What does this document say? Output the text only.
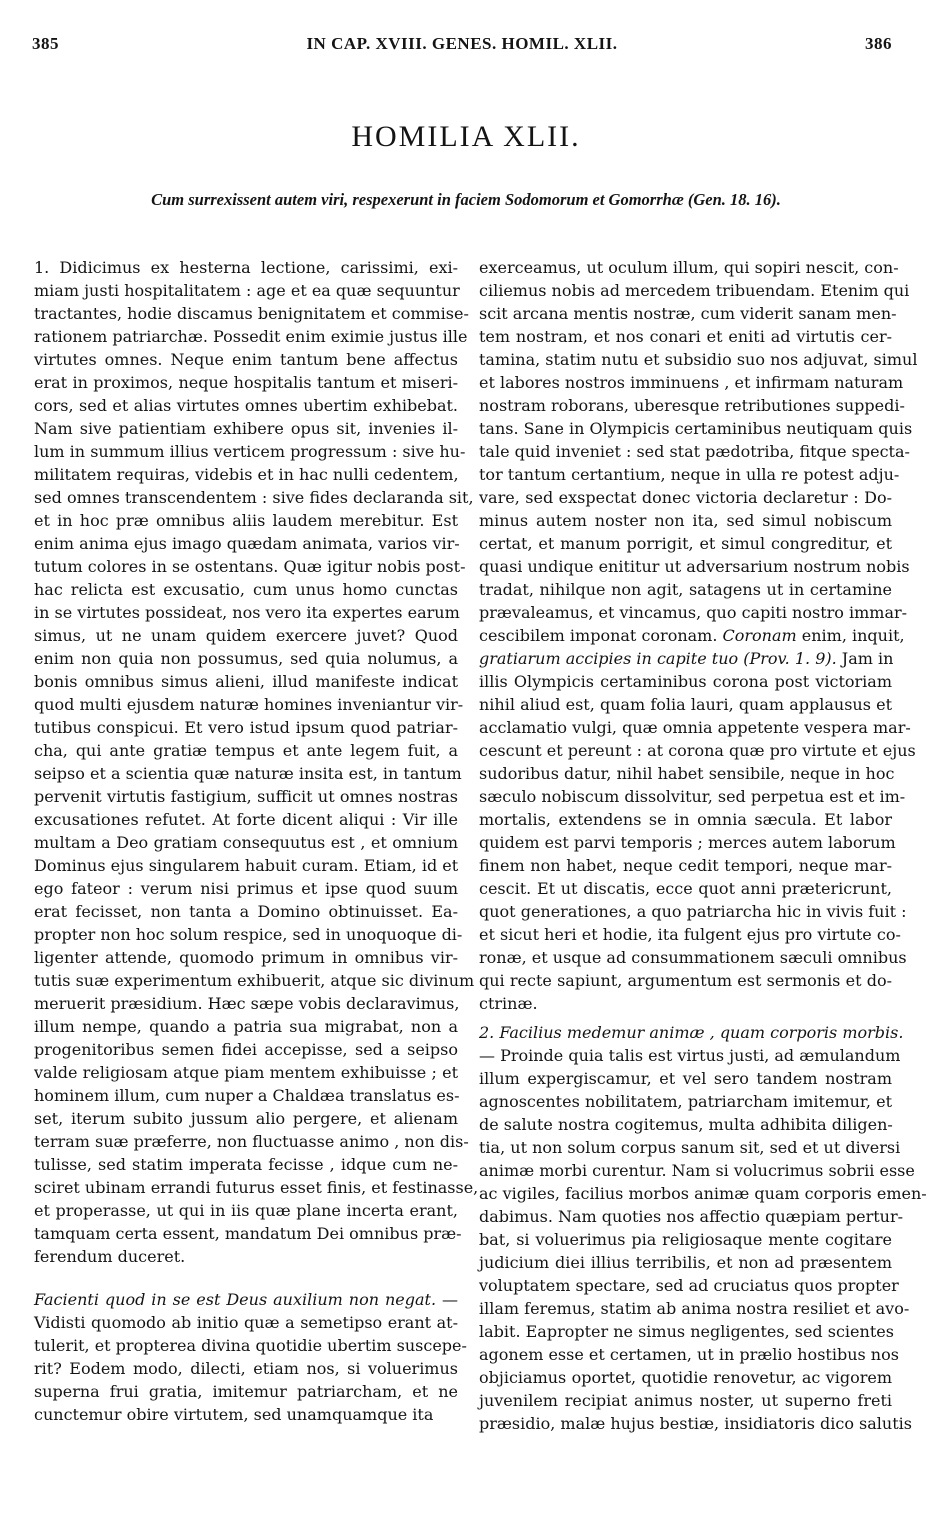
385	IN CAP. XVIII. GENES. HOMIL. XLII.	386
HOMILIA XLII.
Cum surrexissent autem viri, respexerunt in faciem Sodomorum et Gomorrhæ (Gen. 18. 16).
1. Didicimus ex hesterna lectione, carissimi, exi-
miam justi hospitalitatem : age et ea quæ sequuntur
tractantes, hodie discamus benignitatem et commise-
rationem patriarchæ. Possedit enim eximie justus ille
virtutes omnes. Neque enim tantum bene affectus
erat in proximos, neque hospitalis tantum et miseri-
cors, sed et alias virtutes omnes ubertim exhibebat.
Nam sive patientiam exhibere opus sit, invenies il-
lum in summum illius verticem progressum : sive hu-
militatem requiras, videbis et in hac nulli cedentem,
sed omnes transcendentem : sive fides declaranda sit,
et in hoc præ omnibus aliis laudem merebitur. Est
enim anima ejus imago quædam animata, varios vir-
tutum colores in se ostentans. Quæ igitur nobis post-
hac relicta est excusatio, cum unus homo cunctas
in se virtutes possideat, nos vero ita expertes earum
simus, ut ne unam quidem exercere juvet? Quod
enim non quia non possumus, sed quia nolumus, a
bonis omnibus simus alieni, illud manifeste indicat
quod multi ejusdem naturæ homines inveniantur vir-
tutibus conspicui. Et vero istud ipsum quod patriar-
cha, qui ante gratiæ tempus et ante legem fuit, a
seipso et a scientia quæ naturæ insita est, in tantum
pervenit virtutis fastigium, sufficit ut omnes nostras
excusationes refutet. At forte dicent aliqui : Vir ille
multam a Deo gratiam consequutus est , et omnium
Dominus ejus singularem habuit curam. Etiam, id et
ego fateor : verum nisi primus et ipse quod suum
erat fecisset, non tanta a Domino obtinuisset. Ea-
propter non hoc solum respice, sed in unoquoque di-
ligenter attende, quomodo primum in omnibus vir-
tutis suæ experimentum exhibuerit, atque sic divinum
meruerit præsidium. Hæc sæpe vobis declaravimus,
illum nempe, quando a patria sua migrabat, non a
progenitoribus semen fidei accepisse, sed a seipso
valde religiosam atque piam mentem exhibuisse ; et
hominem illum, cum nuper a Chaldæa translatus es-
set, iterum subito jussum alio pergere, et alienam
terram suæ præferre, non fluctuasse animo , non dis-
tulisse, sed statim imperata fecisse , idque cum ne-
sciret ubinam errandi futurus esset finis, et festinasse,
et properasse, ut qui in iis quæ plane incerta erant,
tamquam certa essent, mandatum Dei omnibus præ-
ferendum duceret.
Facienti quod in se est Deus auxilium non negat. —
Vidisti quomodo ab initio quæ a semetipso erant at-
tulerit, et propterea divina quotidie ubertim suscepe-
rit? Eodem modo, dilecti, etiam nos, si voluerimus
superna frui gratia, imitemur patriarcham, et ne
cunctemur obire virtutem, sed unamquamque ita
exerceamus, ut oculum illum, qui sopiri nescit, con-
ciliemus nobis ad mercedem tribuendam. Etenim qui
scit arcana mentis nostræ, cum viderit sanam men-
tem nostram, et nos conari et eniti ad virtutis cer-
tamina, statim nutu et subsidio suo nos adjuvat, simul
et labores nostros imminuens , et infirmam naturam
nostram roborans, uberesque retributiones suppedi-
tans. Sane in Olympicis certaminibus neutiquam quis
tale quid inveniet : sed stat pædotriba, fitque specta-
tor tantum certantium, neque in ulla re potest adju-
vare, sed exspectat donec victoria declaretur : Do-
minus autem noster non ita, sed simul nobiscum
certat, et manum porrigit, et simul congreditur, et
quasi undique enititur ut adversarium nostrum nobis
tradat, nihilque non agit, satagens ut in certamine
prævaleamus, et vincamus, quo capiti nostro immar-
cescibilem imponat coronam. Coronam enim, inquit,
gratiarum accipies in capite tuo (Prov. 1. 9). Jam in
illis Olympicis certaminibus corona post victoriam
nihil aliud est, quam folia lauri, quam applausus et
acclamatio vulgi, quæ omnia appetente vespera mar-
cescunt et pereunt : at corona quæ pro virtute et ejus
sudoribus datur, nihil habet sensibile, neque in hoc
sæculo nobiscum dissolvitur, sed perpetua est et im-
mortalis, extendens se in omnia sæcula. Et labor
quidem est parvi temporis ; merces autem laborum
finem non habet, neque cedit tempori, neque mar-
cescit. Et ut discatis, ecce quot anni prætericrunt,
quot generationes, a quo patriarcha hic in vivis fuit :
et sicut heri et hodie, ita fulgent ejus pro virtute co-
ronæ, et usque ad consummationem sæculi omnibus
qui recte sapiunt, argumentum est sermonis et do-
ctrinæ.
2. Facilius medemur animæ , quam corporis morbis.
— Proinde quia talis est virtus justi, ad æmulandum
illum expergiscamur, et vel sero tandem nostram
agnoscentes nobilitatem, patriarcham imitemur, et
de salute nostra cogitemus, multa adhibita diligen-
tia, ut non solum corpus sanum sit, sed et ut diversi
animæ morbi curentur. Nam si volucrimus sobrii esse
ac vigiles, facilius morbos animæ quam corporis emen-
dabimus. Nam quoties nos affectio quæpiam pertur-
bat, si voluerimus pia religiosaque mente cogitare
judicium diei illius terribilis, et non ad præsentem
voluptatem spectare, sed ad cruciatus quos propter
illam feremus, statim ab anima nostra resiliet et avo-
labit. Eapropter ne simus negligentes, sed scientes
agonem esse et certamen, ut in prælio hostibus nos
objiciamus oportet, quotidie renovetur, ac vigorem
juvenilem recipiat animus noster, ut superno freti
præsidio, malæ hujus bestiæ, insidiatoris dico salutis
